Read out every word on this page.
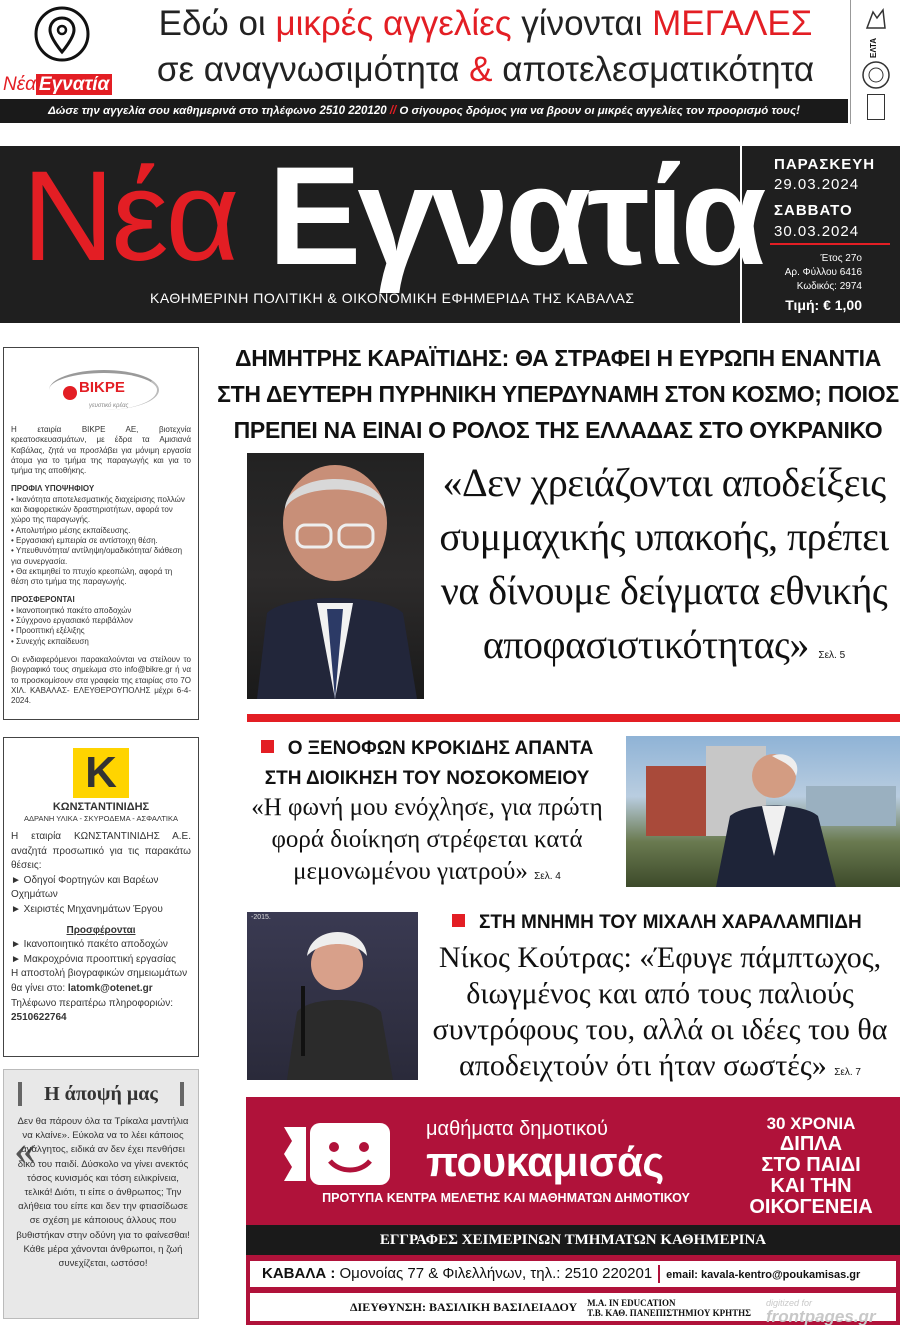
Νέα Εγνατία
Εδώ οι μικρές αγγελίες γίνονται ΜΕΓΑΛΕΣ
σε αναγνωσιμότητα & αποτελεσματικότητα
Δώσε την αγγελία σου καθημερινά στο τηλέφωνο 2510 220120 // Ο σίγουρος δρόμος για να βρουν οι μικρές αγγελίες τον προορισμό τους!
ΕΛΤΑ
Νέα Εγνατία
ΚΑΘΗΜΕΡΙΝΗ ΠΟΛΙΤΙΚΗ & ΟΙΚΟΝΟΜΙΚΗ ΕΦΗΜΕΡΙΔΑ ΤΗΣ ΚΑΒΑΛΑΣ
ΠΑΡΑΣΚΕΥΗ
29.03.2024
ΣΑΒΒΑΤΟ
30.03.2024
Έτος 27ο
Αρ. Φύλλου 6416
Κωδικός: 2974
Τιμή: € 1,00
ΒΙΚΡΕ
γευστικό κρέας

Η εταιρία ΒΙΚΡΕ ΑΕ, βιοτεχνία κρεατοσκευασμάτων, με έδρα τα Αμισιανά Καβάλας, ζητά να προσλάβει για μόνιμη εργασία άτομα για το τμήμα της παραγωγής και για το τμήμα της αποθήκης.

ΠΡΟΦΙΛ ΥΠΟΨΗΦΙΟΥ

• Ικανότητα αποτελεσματικής διαχείρισης πολλών και διαφορετικών δραστηριοτήτων, αφορά τον χώρο της παραγωγής.

• Απολυτήριο μέσης εκπαίδευσης.

• Εργασιακή εμπειρία σε αντίστοιχη θέση.

• Υπευθυνότητα/ αντίληψη/ομαδικότητα/ διάθεση για συνεργασία.

• Θα εκτιμηθεί το πτυχίο κρεοπώλη, αφορά τη θέση στο τμήμα της παραγωγής.

ΠΡΟΣΦΕΡΟΝΤΑΙ

• Ικανοποιητικό πακέτο αποδοχών

• Σύγχρονο εργασιακό περιβάλλον

• Προοπτική εξέλιξης

• Συνεχής εκπαίδευση

Οι ενδιαφερόμενοι παρακαλούνται να στείλουν το βιογραφικό τους σημείωμα στο info@bikre.gr ή να το προσκομίσουν στα γραφεία της εταιρίας στο 7Ο ΧΙΛ. ΚΑΒΑΛΑΣ- ΕΛΕΥΘΕΡΟΥΠΟΛΗΣ μέχρι 6-4-2024.

Κ
ΚΩΝΣΤΑΝΤΙΝΙΔΗΣ
ΑΔΡΑΝΗ ΥΛΙΚΑ - ΣΚΥΡΟΔΕΜΑ - ΑΣΦΑΛΤΙΚΑ

Η εταιρία ΚΩΝΣΤΑΝΤΙΝΙΔΗΣ Α.Ε. αναζητά προσωπικό για τις παρακάτω θέσεις:

► Οδηγοί Φορτηγών και Βαρέων Οχημάτων

► Χειριστές Μηχανημάτων Έργου

Προσφέρονται

► Ικανοποιητικό πακέτο αποδοχών

► Μακροχρόνια προοπτική εργασίας

Η αποστολή βιογραφικών σημειωμάτων θα γίνει στο: latomk@otenet.gr

Τηλέφωνο περαιτέρω πληροφοριών:

2510622764

Η άποψή μας
«

Δεν θα πάρουν όλα τα Τρίκαλα μαντήλια να κλαίνε». Εύκολα να το λέει κάποιος ανάλγητος, ειδικά αν δεν έχει πενθήσει δικό του παιδί. Δύσκολο να γίνει ανεκτός τόσος κυνισμός και τόση ειλικρίνεια, τελικά! Διότι, τι είπε ο άνθρωπος; Την αλήθεια του είπε και δεν την φτιασίδωσε σε σχέση με κάποιους άλλους που βυθιστήκαν στην οδύνη για το φαίνεσθαι! Κάθε μέρα χάνονται άνθρωποι, η ζωή συνεχίζεται, ωστόσο!

ΔΗΜΗΤΡΗΣ ΚΑΡΑΪΤΙΔΗΣ: ΘΑ ΣΤΡΑΦΕΙ Η ΕΥΡΩΠΗ ΕΝΑΝΤΙΑ
ΣΤΗ ΔΕΥΤΕΡΗ ΠΥΡΗΝΙΚΗ ΥΠΕΡΔΥΝΑΜΗ ΣΤΟΝ ΚΟΣΜΟ; ΠΟΙΟΣ
ΠΡΕΠΕΙ ΝΑ ΕΙΝΑΙ Ο ΡΟΛΟΣ ΤΗΣ ΕΛΛΑΔΑΣ ΣΤΟ ΟΥΚΡΑΝΙΚΟ
«Δεν χρειάζονται αποδείξεις συμμαχικής υπακοής, πρέπει να δίνουμε δείγματα εθνικής αποφασιστικότητας» Σελ. 5
Ο ΞΕΝΟΦΩΝ ΚΡΟΚΙΔΗΣ ΑΠΑΝΤΑ
ΣΤΗ ΔΙΟΙΚΗΣΗ ΤΟΥ ΝΟΣΟΚΟΜΕΙΟΥ
«Η φωνή μου ενόχλησε, για πρώτη φορά διοίκηση στρέφεται κατά μεμονωμένου γιατρού» Σελ. 4
-2015.	ΣΤΗ ΜΝΗΜΗ ΤΟΥ ΜΙΧΑΛΗ ΧΑΡΑΛΑΜΠΙΔΗ
Νίκος Κούτρας: «Έφυγε πάμπτωχος, διωγμένος και από τους παλιούς συντρόφους του, αλλά οι ιδέες του θα αποδειχτούν ότι ήταν σωστές» Σελ. 7
μαθήματα δημοτικού
πουκαμισάς
ΠΡΟΤΥΠΑ ΚΕΝΤΡΑ ΜΕΛΕΤΗΣ ΚΑΙ ΜΑΘΗΜΑΤΩΝ ΔΗΜΟΤΙΚΟΥ
30 ΧΡΟΝΙΑ
ΔΙΠΛΑ
ΣΤΟ ΠΑΙΔΙ
ΚΑΙ ΤΗΝ
ΟΙΚΟΓΕΝΕΙΑ
ΕΓΓΡΑΦΕΣ ΧΕΙΜΕΡΙΝΩΝ ΤΜΗΜΑΤΩΝ ΚΑΘΗΜΕΡΙΝΑ
ΚΑΒΑΛΑ : Ομονοίας 77 & Φιλελλήνων, τηλ.: 2510 220201 email: kavala-kentro@poukamisas.gr
ΔΙΕΥΘΥΝΣΗ: ΒΑΣΙΛΙΚΗ ΒΑΣΙΛΕΙΑΔΟΥ M.A. IN EDUCATION
Τ.Β. ΚΑΘ. ΠΑΝΕΠΙΣΤΗΜΙΟΥ ΚΡΗΤΗΣ
digitized for
frontpages.gr
